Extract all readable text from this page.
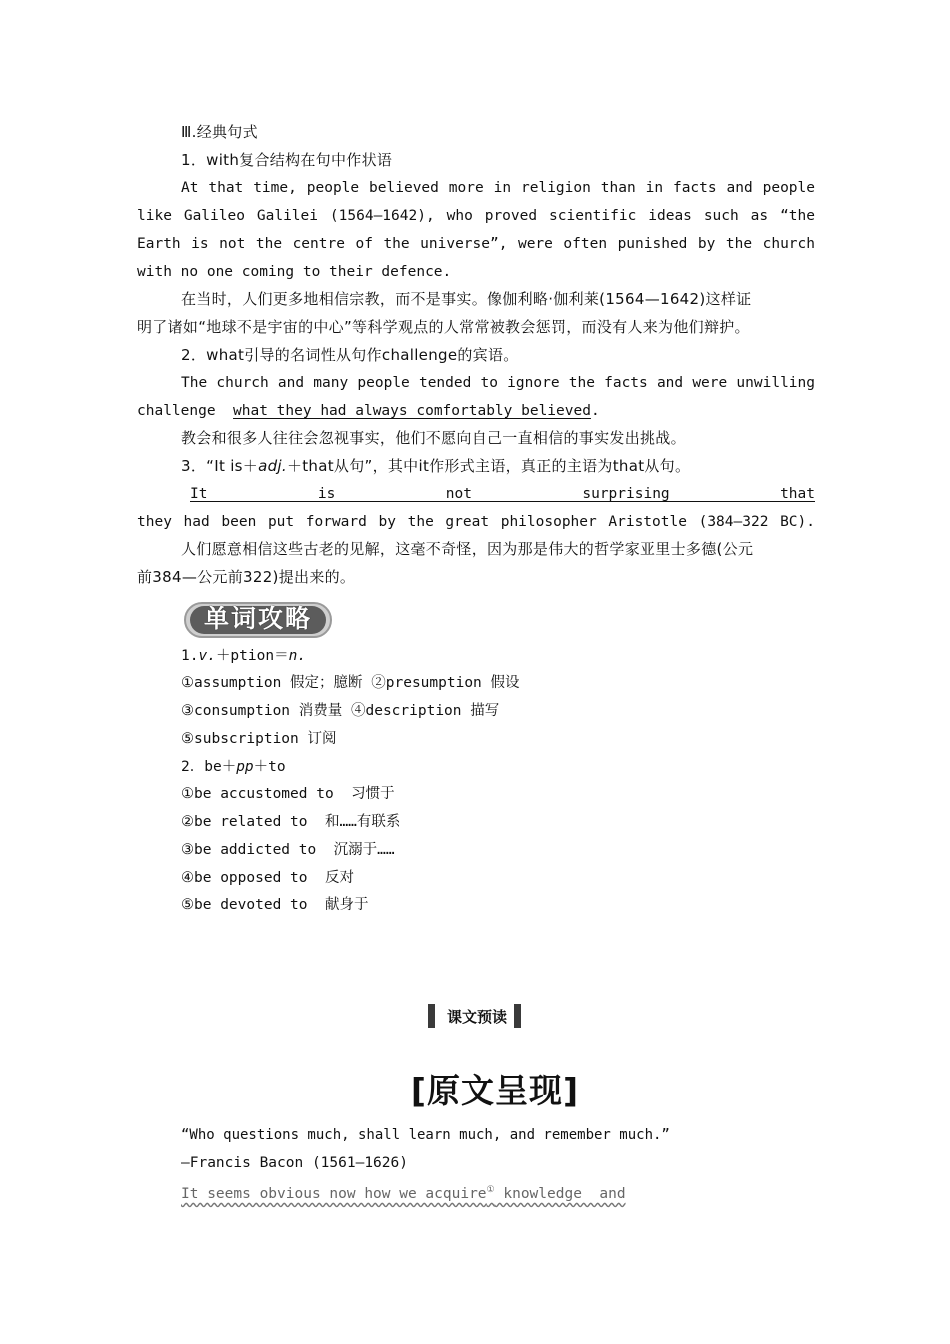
Ⅲ.经典句式
1．with复合结构在句中作状语
At that time, people believed more in religion than in facts and people
like Galileo Galilei (1564—1642), who proved scientific ideas such as “the
Earth is not the centre of the universe”, were often punished by the church
with no one coming to their defence.
在当时，人们更多地相信宗教，而不是事实。像伽利略·伽利莱(1564—1642)这样证
明了诸如“地球不是宇宙的中心”等科学观点的人常常被教会惩罚，而没有人来为他们辩护。
2．what引导的名词性从句作challenge的宾语。
The church and many people tended to ignore the facts and were unwilling
challenge  what they had always comfortably believed.
教会和很多人往往会忽视事实，他们不愿向自己一直相信的事实发出挑战。
3．“It is＋adj.＋that从句”，其中it作形式主语，真正的主语为that从句。
It is not surprising that
they had been put forward by the great philosopher Aristotle (384—322 BC).
人们愿意相信这些古老的见解，这毫不奇怪，因为那是伟大的哲学家亚里士多德(公元
前384—公元前322)提出来的。
单词攻略
1.v.＋ption＝n.
①assumption 假定；臆断 ②presumption 假设
③consumption 消费量 ④description 描写
⑤subscription 订阅
2．be＋pp＋to
①be accustomed to  习惯于
②be related to  和……有联系
③be addicted to  沉溺于……
④be opposed to  反对
⑤be devoted to  献身于
课文预读
[原文呈现]
“Who questions much, shall learn much, and remember much.”
—Francis Bacon (1561—1626)
It seems obvious now how we acquire① knowledge  and
